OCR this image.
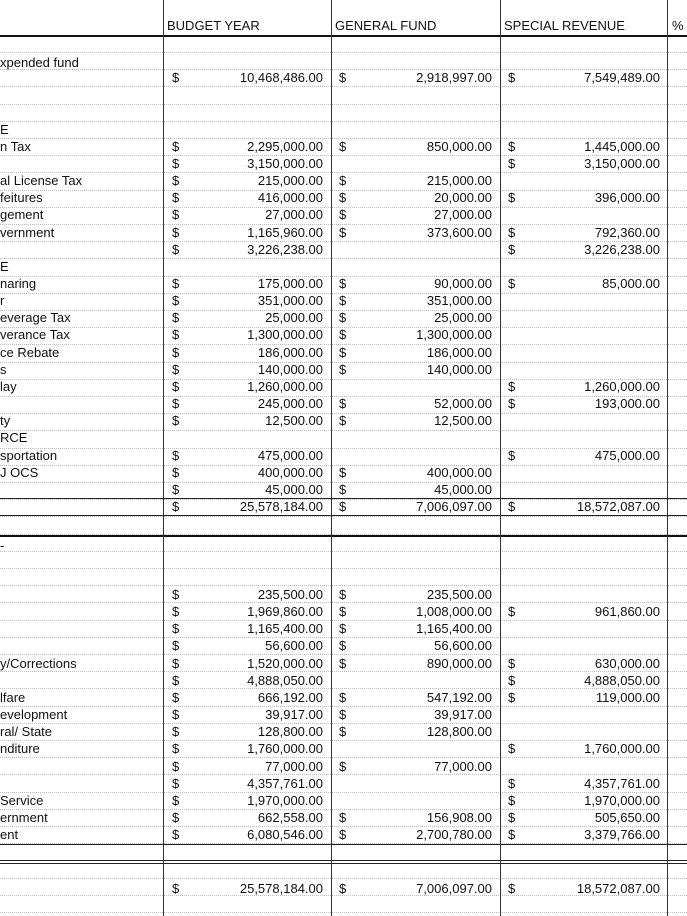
BUDGET YEAR	GENERAL FUND	SPECIAL REVENUE	%
xpended fund
$	10,468,486.00 $	2,918,997.00 $	7,549,489.00
E
n Tax	$	2,295,000.00 $	850,000.00 $	1,445,000.00
$	3,150,000.00	$	3,150,000.00
al License Tax	$	215,000.00 $	215,000.00
feitures	$	416,000.00 $	20,000.00 $	396,000.00
gement	$	27,000.00 $	27,000.00
vernment	$	1,165,960.00 $	373,600.00 $	792,360.00
$	3,226,238.00	$	3,226,238.00
E
naring	$	175,000.00 $	90,000.00 $	85,000.00
r	$	351,000.00 $	351,000.00
everage Tax	$	25,000.00 $	25,000.00
verance Tax	$	1,300,000.00 $	1,300,000.00
ce Rebate	$	186,000.00 $	186,000.00
s	$	140,000.00 $	140,000.00
lay	$	1,260,000.00	$	1,260,000.00
$	245,000.00 $	52,000.00 $	193,000.00
ty	$	12,500.00 $	12,500.00
RCE
sportation	$	475,000.00	$	475,000.00
J OCS	$	400,000.00 $	400,000.00
$	45,000.00 $	45,000.00
$	25,578,184.00 $	7,006,097.00 $	18,572,087.00
-
$	235,500.00 $	235,500.00
$	1,969,860.00 $	1,008,000.00 $	961,860.00
$	1,165,400.00 $	1,165,400.00
$	56,600.00 $	56,600.00
y/Corrections	$	1,520,000.00 $	890,000.00 $	630,000.00
$	4,888,050.00	$	4,888,050.00
lfare	$	666,192.00 $	547,192.00 $	119,000.00
evelopment	$	39,917.00 $	39,917.00
ral/ State	$	128,800.00 $	128,800.00
nditure	$	1,760,000.00	$	1,760,000.00
$	77,000.00 $	77,000.00
$	4,357,761.00	$	4,357,761.00
Service	$	1,970,000.00	$	1,970,000.00
ernment	$	662,558.00 $	156,908.00 $	505,650.00
ent	$	6,080,546.00 $	2,700,780.00 $	3,379,766.00
$	25,578,184.00 $	7,006,097.00 $	18,572,087.00
